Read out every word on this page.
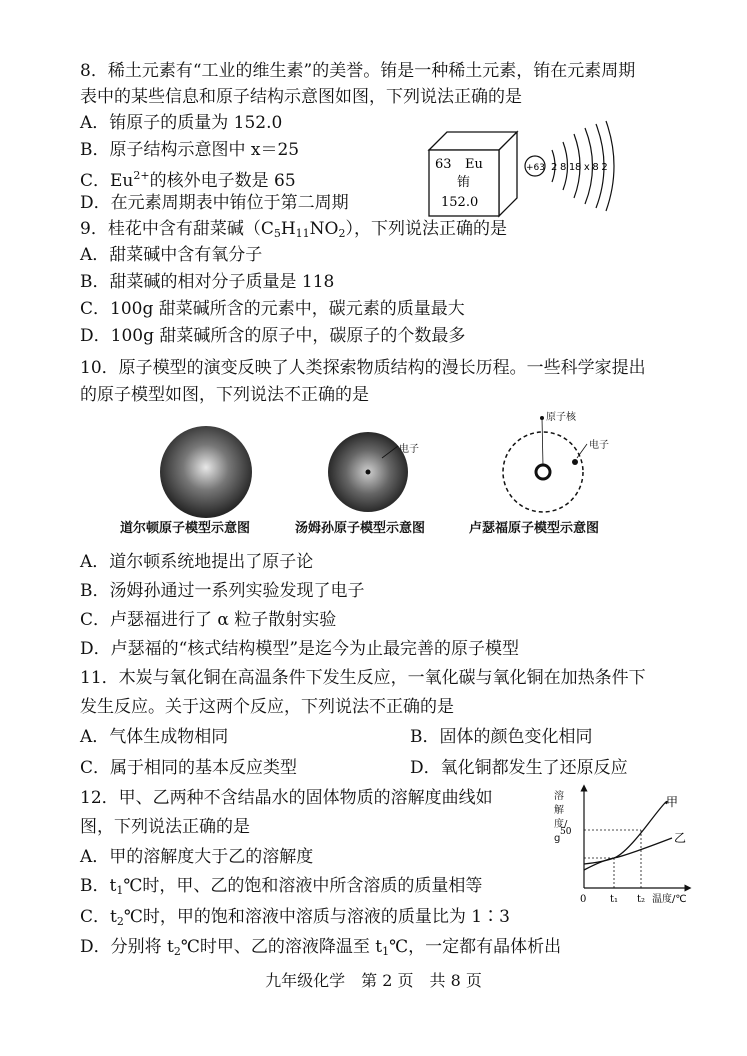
8．稀土元素有“工业的维生素”的美誉。铕是一种稀土元素，铕在元素周期
表中的某些信息和原子结构示意图如图，下列说法正确的是
A．铕原子的质量为 152.0
B．原子结构示意图中 x＝25
C．$Eu^{2+}$的核外电子数是 65
D．在元素周期表中铕位于第二周期
63 Eu
铕
152.0
+63 2 8 18 x 8 2
9．桂花中含有甜菜碱$(C_5H_{11}NO_2)$，下列说法正确的是
A．甜菜碱中含有氧分子
B．甜菜碱的相对分子质量是 118
C．100g 甜菜碱所含的元素中，碳元素的质量最大
D．100g 甜菜碱所含的原子中，碳原子的个数最多
10．原子模型的演变反映了人类探索物质结构的漫长历程。一些科学家提出
的原子模型如图，下列说法不正确的是
电子
原子核
电子
道尔顿原子模型示意图	汤姆孙原子模型示意图	卢瑟福原子模型示意图
A．道尔顿系统地提出了原子论
B．汤姆孙通过一系列实验发现了电子
C．卢瑟福进行了 α 粒子散射实验
D．卢瑟福的“核式结构模型”是迄今为止最完善的原子模型
11．木炭与氧化铜在高温条件下发生反应，一氧化碳与氧化铜在加热条件下
发生反应。关于这两个反应，下列说法不正确的是
A．气体生成物相同	B．固体的颜色变化相同
C．属于相同的基本反应类型	D．氧化铜都发生了还原反应
12．甲、乙两种不含结晶水的固体物质的溶解度曲线如
图，下列说法正确的是
A．甲的溶解度大于乙的溶解度
B．$t_1℃$时，甲、乙的饱和溶液中所含溶质的质量相等
C．$t_2℃$时，甲的饱和溶液中溶质与溶液的质量比为 1∶3
D．分别将 $t_2℃$时甲、乙的溶液降温至 $t_1℃$，一定都有晶体析出
50
0 t₁ t₂ 温度/℃
甲
乙
溶解度/g
九年级化学　第 2 页　共 8 页
